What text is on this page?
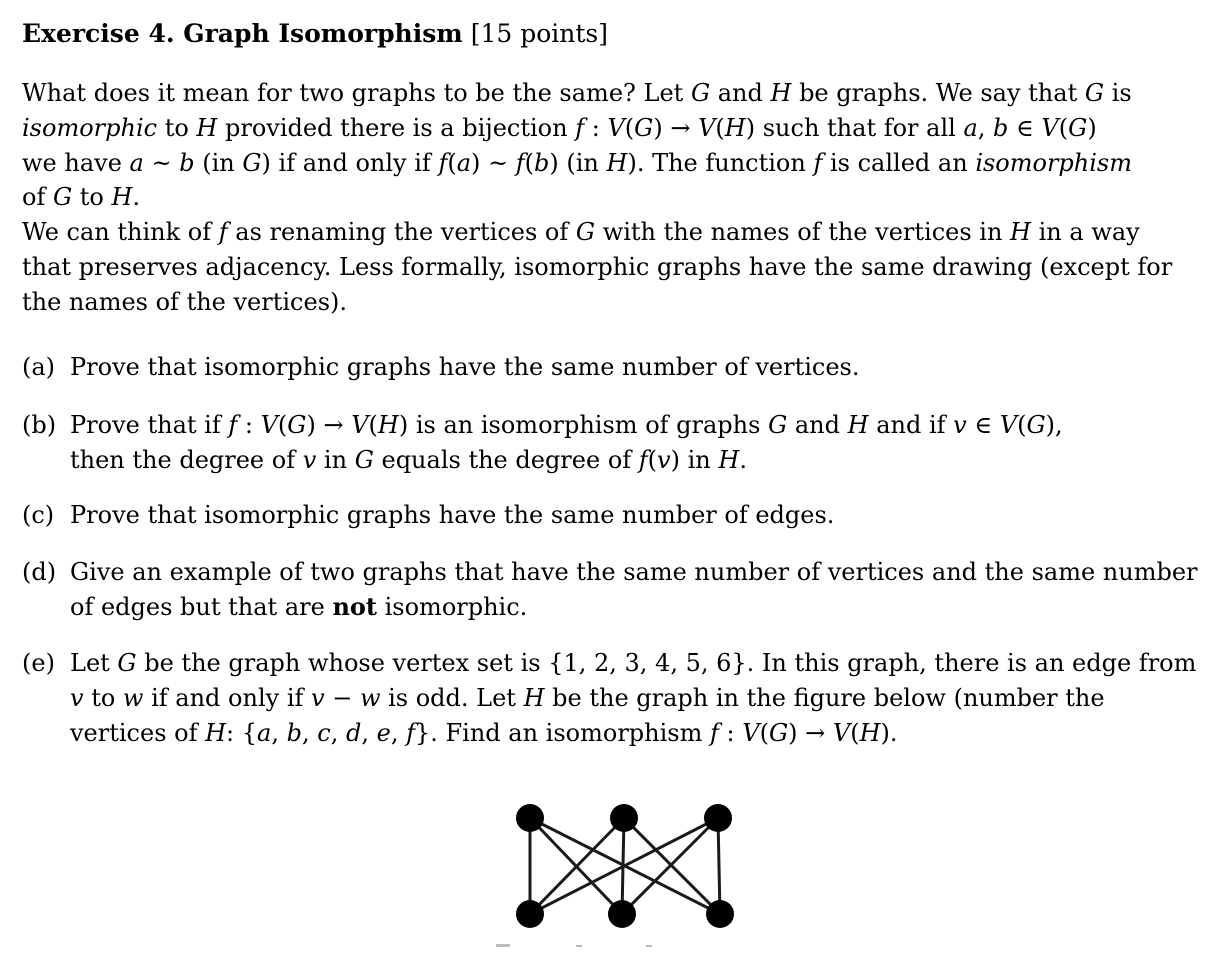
Exercise 4. Graph Isomorphism [15 points]
What does it mean for two graphs to be the same? Let G and H be graphs. We say that G is
isomorphic to H provided there is a bijection f : V(G) → V(H) such that for all a, b ∈ V(G)
we have a ~ b (in G) if and only if f(a) ~ f(b) (in H). The function f is called an isomorphism
of G to H.
We can think of f as renaming the vertices of G with the names of the vertices in H in a way
that preserves adjacency. Less formally, isomorphic graphs have the same drawing (except for
the names of the vertices).
(a) Prove that isomorphic graphs have the same number of vertices.
(b) Prove that if f : V(G) → V(H) is an isomorphism of graphs G and H and if v ∈ V(G),
then the degree of v in G equals the degree of f(v) in H.
(c) Prove that isomorphic graphs have the same number of edges.
(d) Give an example of two graphs that have the same number of vertices and the same number
of edges but that are not isomorphic.
(e) Let G be the graph whose vertex set is {1, 2, 3, 4, 5, 6}. In this graph, there is an edge from
v to w if and only if v − w is odd. Let H be the graph in the figure below (number the
vertices of H: {a, b, c, d, e, f}. Find an isomorphism f : V(G) → V(H).
